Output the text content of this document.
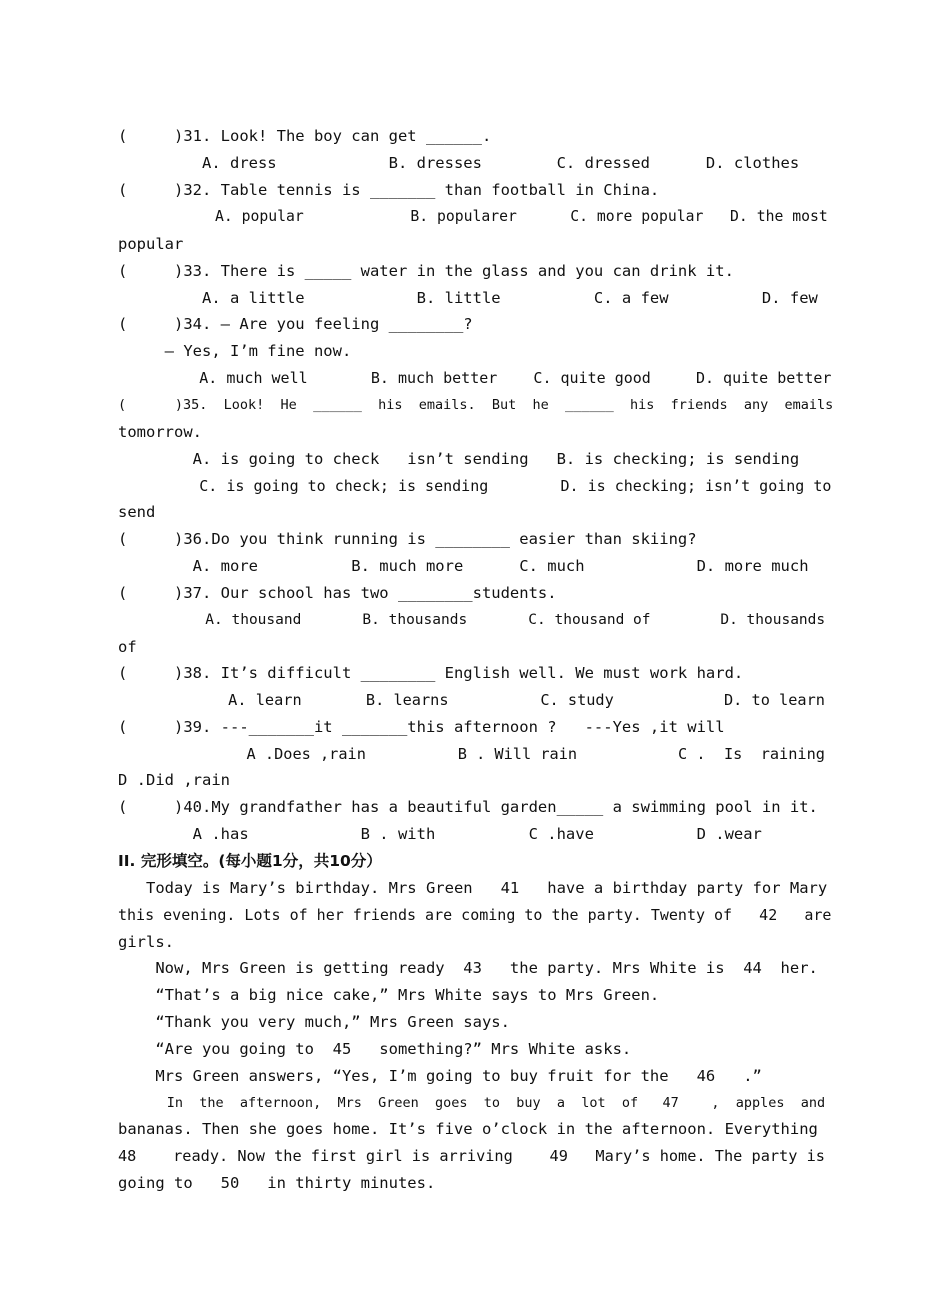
(     )31. Look! The boy can get ______.
A. dress            B. dresses        C. dressed      D. clothes
(     )32. Table tennis is _______ than football in China.
A. popular            B. popularer      C. more popular   D. the most
popular
(     )33. There is _____ water in the glass and you can drink it.
A. a little            B. little          C. a few          D. few
(     )34. — Are you feeling ________?
— Yes, I’m fine now.
A. much well       B. much better    C. quite good     D. quite better
(      )35.  Look!  He  ______  his  emails.  But  he  ______  his  friends  any  emails
tomorrow.
A. is going to check   isn’t sending   B. is checking; is sending
C. is going to check; is sending        D. is checking; isn’t going to
send
(     )36.Do you think running is ________ easier than skiing?
A. more          B. much more      C. much            D. more much
(     )37. Our school has two ________students.
A. thousand       B. thousands       C. thousand of        D. thousands
of
(     )38. It’s difficult ________ English well. We must work hard.
A. learn       B. learns          C. study            D. to learn
(     )39. ---_______it _______this afternoon ?   ---Yes ,it will
A .Does ,rain          B . Will rain           C .  Is  raining
D .Did ,rain
(     )40.My grandfather has a beautiful garden_____ a swimming pool in it.
A .has            B . with          C .have           D .wear
II. 完形填空。(每小题1分，共10分）
Today is Mary’s birthday. Mrs Green   41   have a birthday party for Mary
this evening. Lots of her friends are coming to the party. Twenty of   42   are
girls.
Now, Mrs Green is getting ready  43   the party. Mrs White is  44  her.
“That’s a big nice cake,” Mrs White says to Mrs Green.
“Thank you very much,” Mrs Green says.
“Are you going to  45   something?” Mrs White asks.
Mrs Green answers, “Yes, I’m going to buy fruit for the   46   .”
In  the  afternoon,  Mrs  Green  goes  to  buy  a  lot  of   47    ,  apples  and
bananas. Then she goes home. It’s five o’clock in the afternoon. Everything
48    ready. Now the first girl is arriving    49   Mary’s home. The party is
going to   50   in thirty minutes.
